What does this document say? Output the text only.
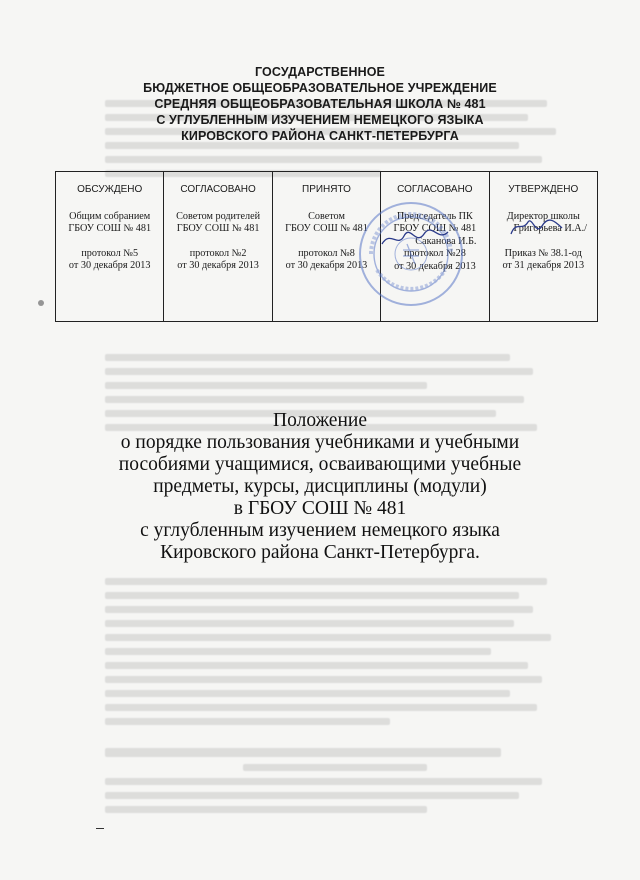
ГОСУДАРСТВЕННОЕ
БЮДЖЕТНОЕ ОБЩЕОБРАЗОВАТЕЛЬНОЕ УЧРЕЖДЕНИЕ
СРЕДНЯЯ ОБЩЕОБРАЗОВАТЕЛЬНАЯ ШКОЛА № 481
С УГЛУБЛЕННЫМ ИЗУЧЕНИЕМ НЕМЕЦКОГО ЯЗЫКА
КИРОВСКОГО РАЙОНА САНКТ-ПЕТЕРБУРГА
ОБСУЖДЕНО
Общим собранием
ГБОУ СОШ № 481
протокол №5
от 30 декабря 2013

СОГЛАСОВАНО
Советом родителей
ГБОУ СОШ № 481
протокол №2
от 30 декабря 2013

ПРИНЯТО
Советом
ГБОУ СОШ № 481
протокол №8
от 30 декабря 2013

СОГЛАСОВАНО
Председатель ПК
ГБОУ СОШ № 481
Саканова И.Б.
протокол №28
от 30 декабря 2013

УТВЕРЖДЕНО
Директор школы
Григорьева И.А./
Приказ № 38.1-од
от 31 декабря 2013
Положение
о порядке пользования учебниками и учебными
пособиями учащимися, осваивающими учебные
предметы, курсы, дисциплины (модули)
в ГБОУ СОШ № 481
с углубленным изучением немецкого языка
Кировского района Санкт-Петербурга.
